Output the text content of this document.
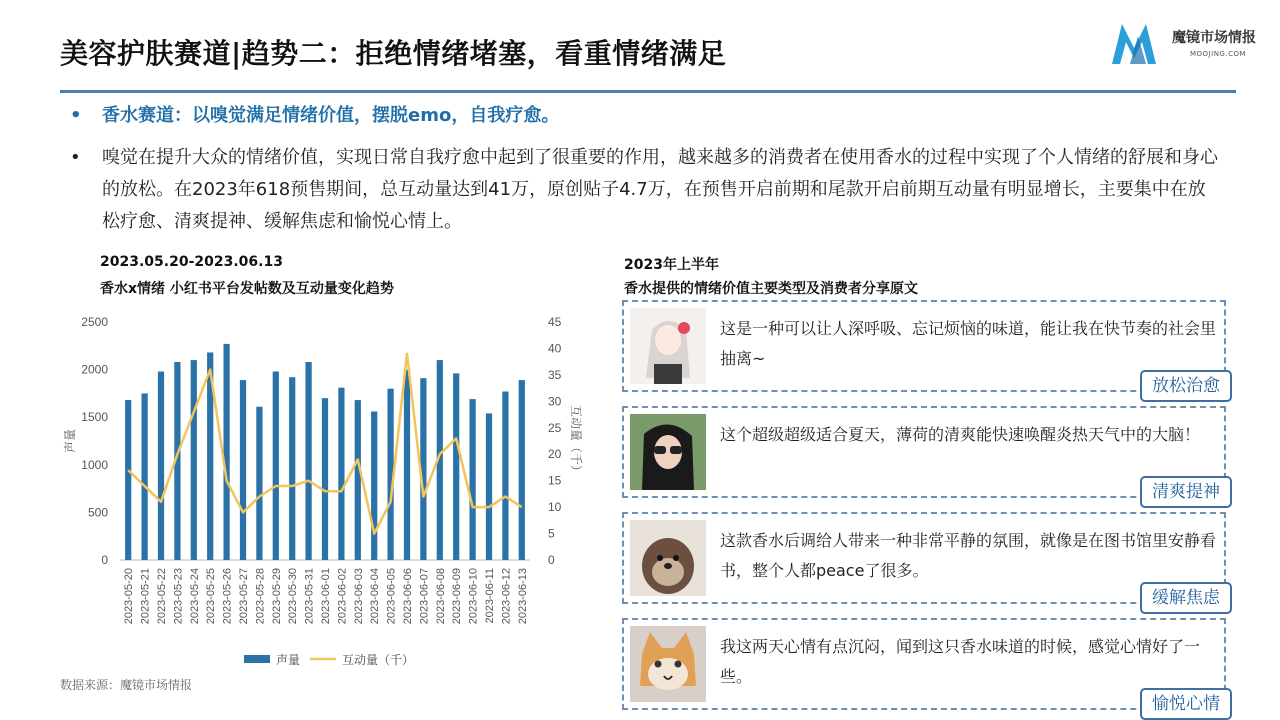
美容护肤赛道|趋势二：拒绝情绪堵塞，看重情绪满足	魔镜市场情报
MOOJING.COM
• 香水赛道：以嗅觉满足情绪价值，摆脱emo，自我疗愈。
• 嗅觉在提升大众的情绪价值，实现日常自我疗愈中起到了很重要的作用，越来越多的消费者在使用香水的过程中实现了个人情绪的舒展和身心的放松。在2023年618预售期间，总互动量达到41万，原创贴子4.7万，在预售开启前期和尾款开启前期互动量有明显增长，主要集中在放松疗愈、清爽提神、缓解焦虑和愉悦心情上。
2023.05.20-2023.06.13
香水x情绪 小红书平台发帖数及互动量变化趋势
2023年上半年
香水提供的情绪价值主要类型及消费者分享原文
0
500
1000
1500
2000
2500
0
5
10
15
20
25
30
35
40
45
声量	互动量（千）
2023-05-20 2023-05-21 2023-05-22 2023-05-23 2023-05-24 2023-05-25 2023-05-26 2023-05-27 2023-05-28 2023-05-29 2023-05-30 2023-05-31 2023-06-01 2023-06-02 2023-06-03 2023-06-04 2023-06-05 2023-06-06 2023-06-07 2023-06-08 2023-06-09 2023-06-10 2023-06-11 2023-06-12 2023-06-13
声量	互动量（千）
数据来源：魔镜市场情报
这是一种可以让人深呼吸、忘记烦恼的味道，能让我在快节奏的社会里抽离~
放松治愈
这个超级超级适合夏天，薄荷的清爽能快速唤醒炎热天气中的大脑！
清爽提神
这款香水后调给人带来一种非常平静的氛围，就像是在图书馆里安静看书，整个人都peace了很多。
缓解焦虑
我这两天心情有点沉闷，闻到这只香水味道的时候，感觉心情好了一些。
愉悦心情
